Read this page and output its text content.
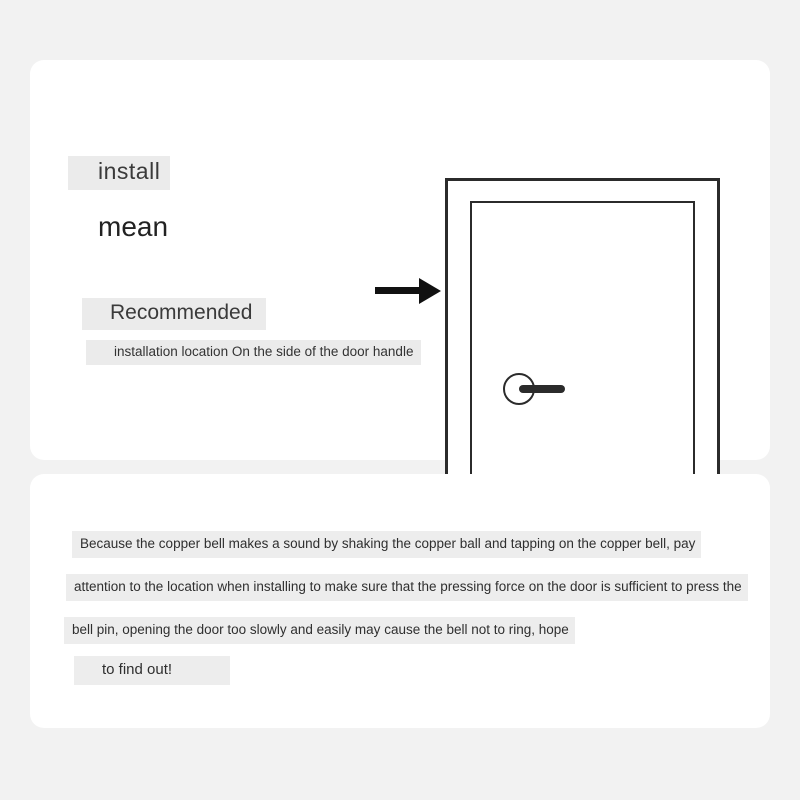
install
mean
Recommended
installation location On the side of the door handle
Because the copper bell makes a sound by shaking the copper ball and tapping on the copper bell, pay
attention to the location when installing to make sure that the pressing force on the door is sufficient to press the
bell pin, opening the door too slowly and easily may cause the bell not to ring, hope
to find out!
